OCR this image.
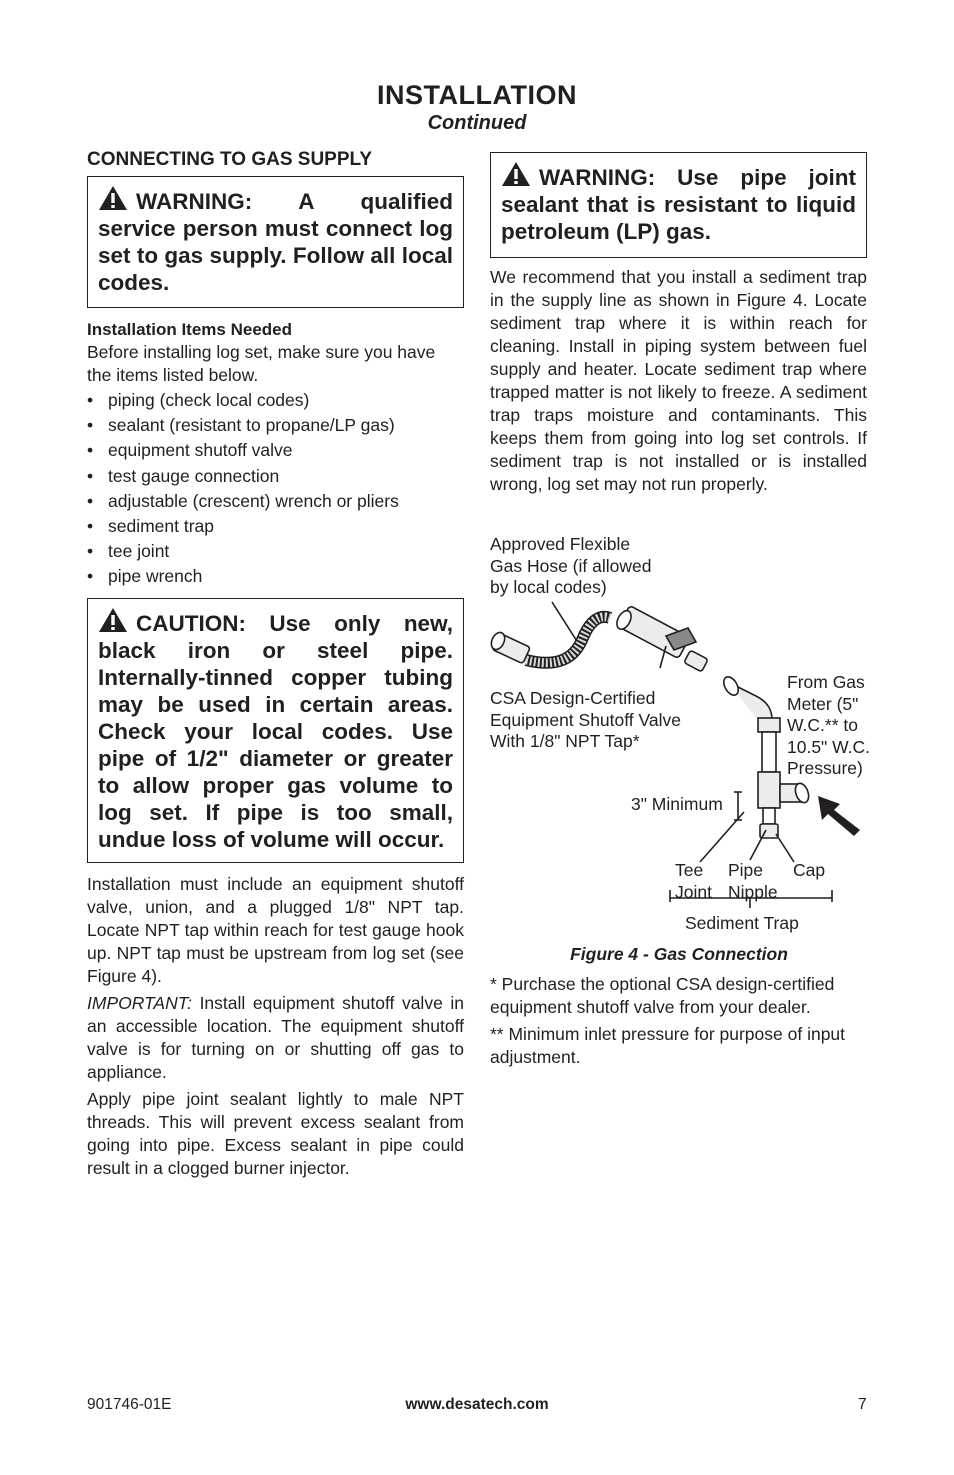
INSTALLATION
Continued
CONNECTING TO GAS SUPPLY
WARNING: A qualified service person must connect log set to gas supply. Follow all local codes.
Installation Items Needed
Before installing log set, make sure you have the items listed below.
• piping (check local codes)
• sealant (resistant to propane/LP gas)
• equipment shutoff valve
• test gauge connection
• adjustable (crescent) wrench or pliers
• sediment trap
• tee joint
• pipe wrench
CAUTION: Use only new, black iron or steel pipe. Internally-tinned copper tubing may be used in certain areas. Check your local codes. Use pipe of 1/2" diameter or greater to allow proper gas volume to log set. If pipe is too small, undue loss of volume will occur.

Installation must include an equipment shutoff valve, union, and a plugged 1/8" NPT tap. Locate NPT tap within reach for test gauge hook up. NPT tap must be upstream from log set (see Figure 4).

IMPORTANT: Install equipment shutoff valve in an accessible location. The equipment shutoff valve is for turning on or shutting off gas to appliance.

Apply pipe joint sealant lightly to male NPT threads. This will prevent excess sealant from going into pipe. Excess sealant in pipe could result in a clogged burner injector.

WARNING: Use pipe joint sealant that is resistant to liquid petroleum (LP) gas.

We recommend that you install a sediment trap in the supply line as shown in Figure 4. Locate sediment trap where it is within reach for cleaning. Install in piping system between fuel supply and heater. Locate sediment trap where trapped matter is not likely to freeze. A sediment trap traps moisture and contaminants. This keeps them from going into log set controls. If sediment trap is not installed or is installed wrong, log set may not run properly.

Approved Flexible
Gas Hose (if allowed
by local codes)
CSA Design-Certified
Equipment Shutoff Valve
With 1/8" NPT Tap*
From Gas
Meter (5"
W.C.** to
10.5" W.C.
Pressure)
3" Minimum
Tee
Joint
Pipe
Nipple
Cap
Sediment Trap
Figure 4 - Gas Connection

* Purchase the optional CSA design-certified equipment shutoff valve from your dealer.

** Minimum inlet pressure for purpose of input adjustment.

901746-01E	www.desatech.com	7
